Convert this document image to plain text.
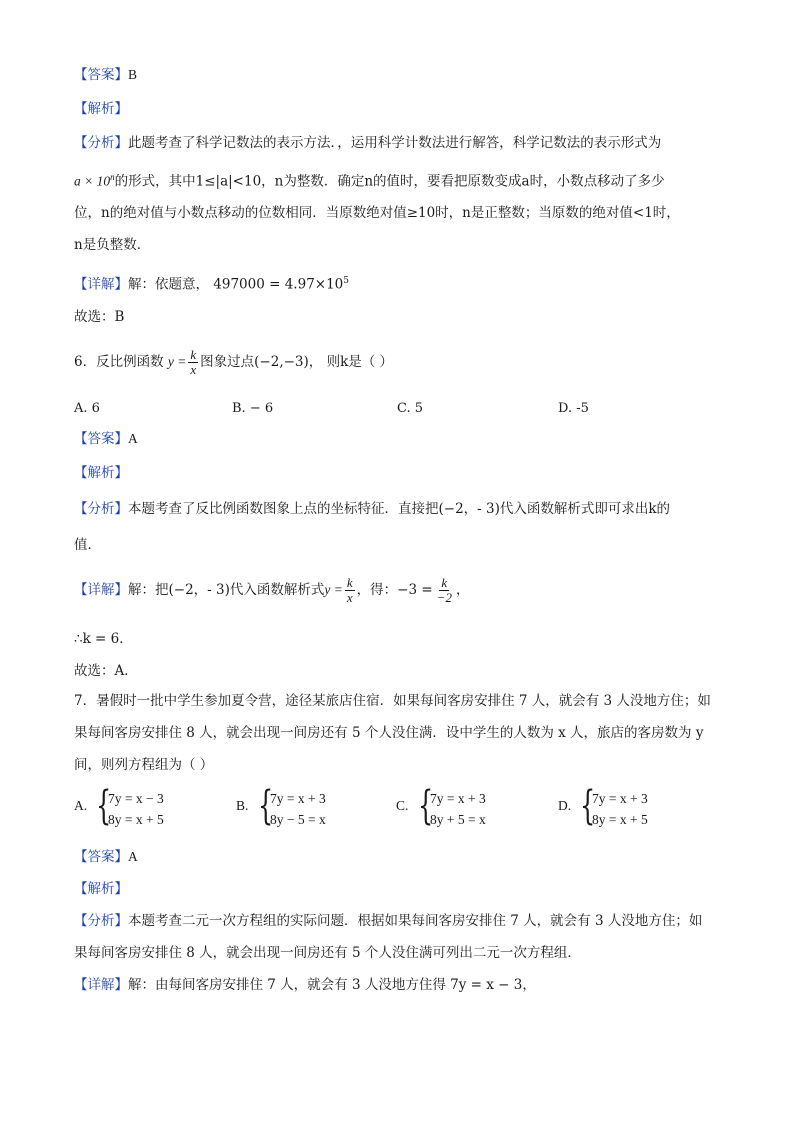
【答案】B
【解析】
【分析】此题考查了科学记数法的表示方法．，运用科学计数法进行解答，科学记数法的表示形式为
$a \times 10^n$的形式，其中1≤|a|<10，n为整数．确定n的值时，要看把原数变成a时，小数点移动了多少
位，n的绝对值与小数点移动的位数相同．当原数绝对值≥10时，n是正整数；当原数的绝对值<1时，
n是负整数．
【详解】解：依题意， $497000 = 4.97\times 10^5$
故选：B
6．反比例函数 $y = \frac{k}{x}$ 图象过点(−2,−3)， 则k是（ ）
A. 6	B. − 6	C. 5	D. -5
【答案】A
【解析】
【分析】本题考查了反比例函数图象上点的坐标特征．直接把(−2，- 3)代入函数解析式即可求出k的
值．
【详解】解：把(−2，- 3)代入函数解析式$y = \frac{k}{x}$ ，得：$-3 = \frac{k}{-2}$ ，
∴k = 6．
故选：A．
7．暑假时一批中学生参加夏令营，途径某旅店住宿．如果每间客房安排住 7 人，就会有 3 人没地方住；如
果每间客房安排住 8 人，就会出现一间房还有 5 个人没住满．设中学生的人数为 x 人，旅店的客房数为 y
间，则列方程组为（ ）
A. {
7y = x − 3
8y = x + 5
B. {
7y = x + 3
8y − 5 = x
C. {
7y = x + 3
8y + 5 = x
D. {
7y = x + 3
8y = x + 5
【答案】A
【解析】
【分析】本题考查二元一次方程组的实际问题．根据如果每间客房安排住 7 人，就会有 3 人没地方住；如
果每间客房安排住 8 人，就会出现一间房还有 5 个人没住满可列出二元一次方程组．
【详解】解：由每间客房安排住 7 人，就会有 3 人没地方住得 7y = x − 3，
